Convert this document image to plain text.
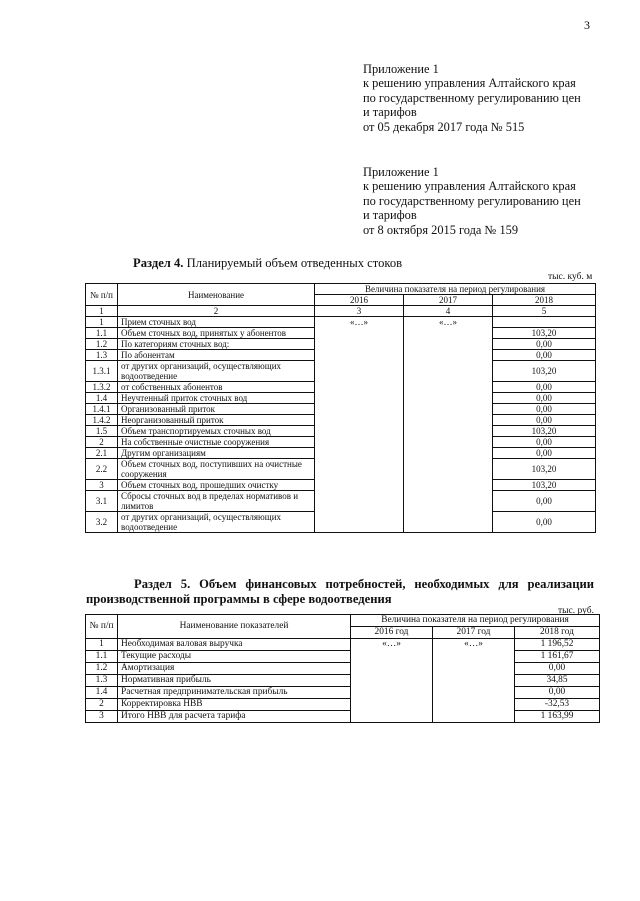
3
Приложение 1
к решению управления Алтайского края
по государственному регулированию цен
и тарифов
от 05 декабря 2017 года № 515
Приложение 1
к решению управления Алтайского края
по государственному регулированию цен
и тарифов
от 8 октября 2015 года № 159
Раздел 4. Планируемый объем отведенных стоков
тыс. куб. м
№ п/п	Наименование	Величина показателя на период регулирования		
		2016	2017	2018
1	2	3	4	5
1	Прием сточных вод	«…»	«…»	
1.1	Объем сточных вод, принятых у абонентов			103,20
1.2	По категориям сточных вод:			0,00
1.3	По абонентам			0,00
1.3.1	от других организаций, осуществляющих водоотведение			103,20
1.3.2	от собственных абонентов			0,00
1.4	Неучтенный приток сточных вод			0,00
1.4.1	Организованный приток			0,00
1.4.2	Неорганизованный приток			0,00
1.5	Объем транспортируемых сточных вод			103,20
2	На собственные очистные сооружения			0,00
2.1	Другим организациям			0,00
2.2	Объем сточных вод, поступивших на очистные сооружения			103,20
3	Объем сточных вод, прошедших очистку			103,20
3.1	Сбросы сточных вод в пределах нормативов и лимитов			0,00
3.2	от других организаций, осуществляющих водоотведение			0,00
Раздел 5. Объем финансовых потребностей, необходимых для реализации производственной программы в сфере водоотведения
тыс. руб.
№ п/п	Наименование показателей	Величина показателя на период регулирования		
		2016 год	2017 год	2018 год
1	Необходимая валовая выручка	«…»	«…»	1 196,52
1.1	Текущие расходы			1 161,67
1.2	Амортизация			0,00
1.3	Нормативная прибыль			34,85
1.4	Расчетная предпринимательская прибыль			0,00
2	Корректировка НВВ			-32,53
3	Итого НВВ для расчета тарифа			1 163,99
